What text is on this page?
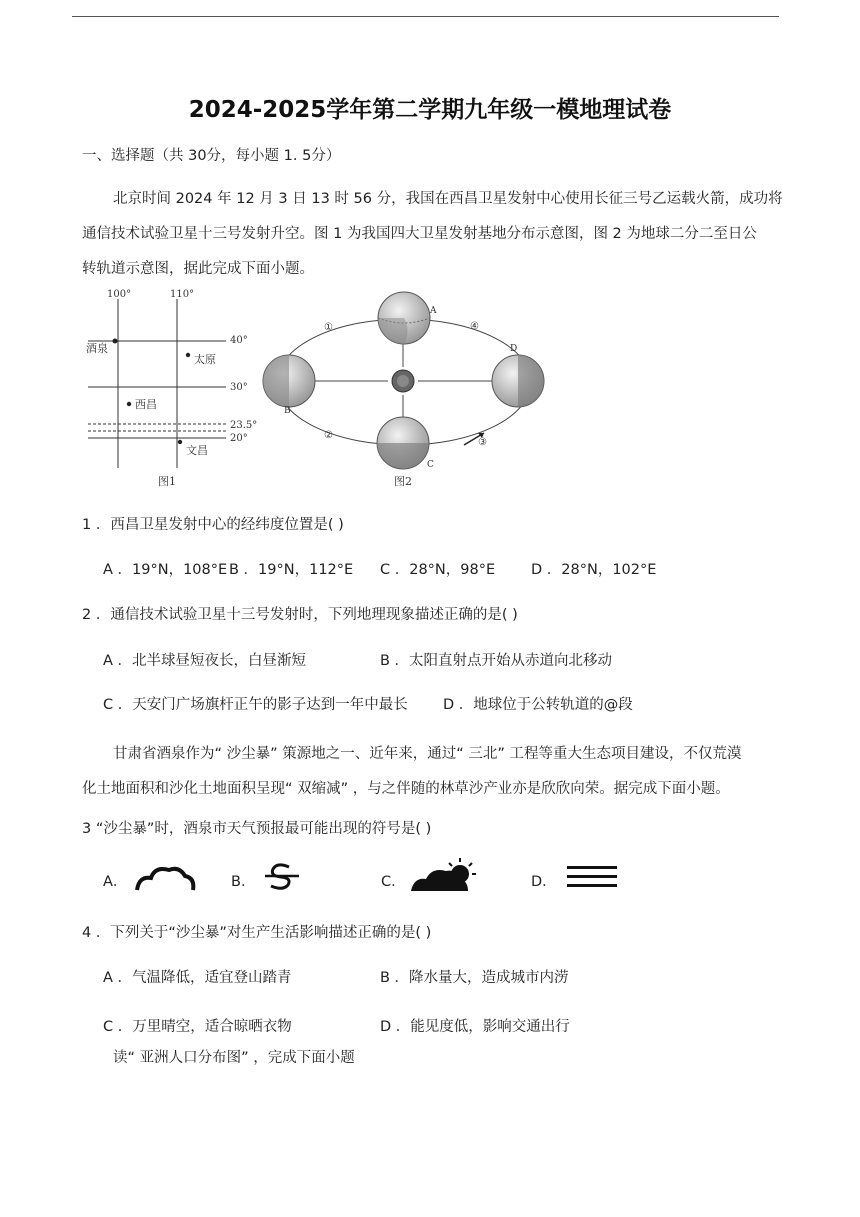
2024-2025学年第二学期九年级一模地理试卷
一、选择题（共 30分，每小题 1. 5分）
北京时间 2024 年 12 月 3 日 13 时 56 分，我国在西昌卫星发射中心使用长征三号乙运载火箭，成功将
通信技术试验卫星十三号发射升空。图 1 为我国四大卫星发射基地分布示意图，图 2 为地球二分二至日公
转轨道示意图，据此完成下面小题。
100°	110°
40°
30°
23.5°
20°
酒泉
太原
西昌
文昌
图1
A
B
C
D
①
②
③
④
图2
1 ．西昌卫星发射中心的经纬度位置是( )
A ．19°N，108°E B ．19°N，112°E C ．28°N，98°E D ．28°N，102°E
2 ．通信技术试验卫星十三号发射时，下列地理现象描述正确的是( )
A ．北半球昼短夜长，白昼渐短	B ．太阳直射点开始从赤道向北移动
C ．天安门广场旗杆正午的影子达到一年中最长 D ．地球位于公转轨道的@段
甘肃省酒泉作为“ 沙尘暴” 策源地之一、近年来，通过“ 三北” 工程等重大生态项目建设，不仅荒漠
化土地面积和沙化土地面积呈现“ 双缩减” ，与之伴随的林草沙产业亦是欣欣向荣。据完成下面小题。
3 “沙尘暴”时，酒泉市天气预报最可能出现的符号是( )
A．	B．	C．	D．
4 ．下列关于“沙尘暴”对生产生活影响描述正确的是( )
A ．气温降低，适宜登山踏青	B ．降水量大，造成城市内涝
C ．万里晴空，适合晾晒衣物	D ．能见度低，影响交通出行
读“ 亚洲人口分布图” ，完成下面小题
